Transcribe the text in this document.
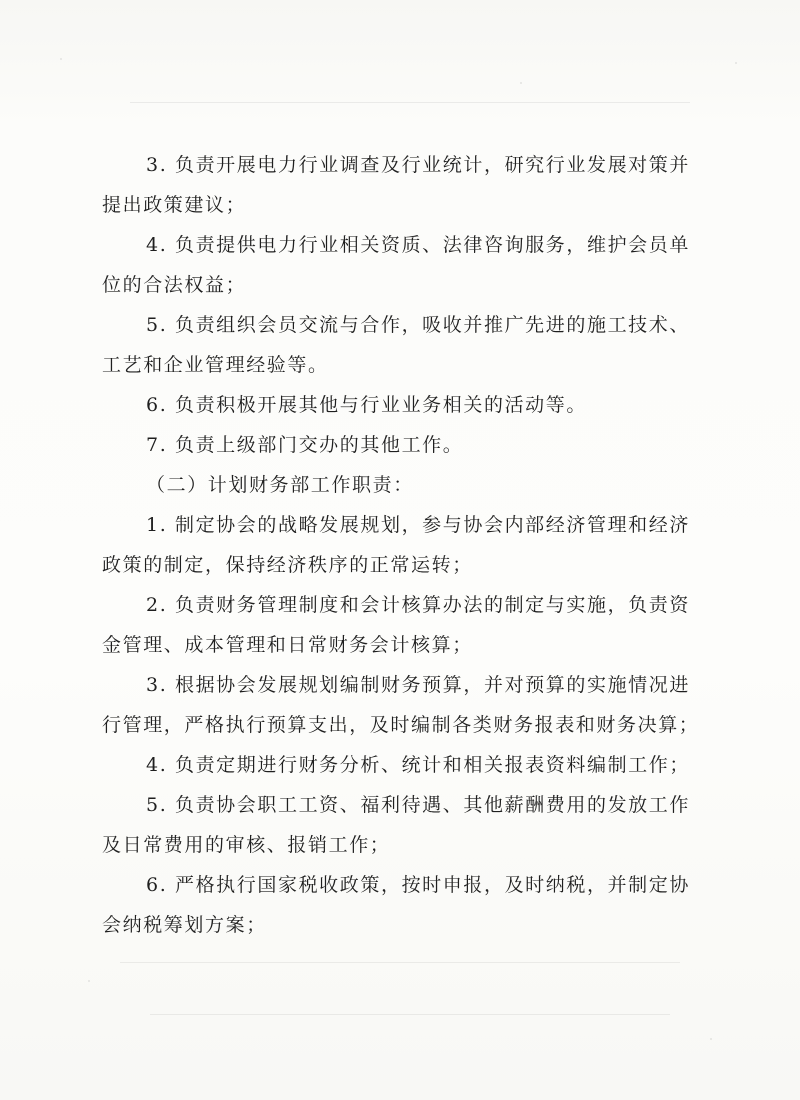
3. 负责开展电力行业调查及行业统计，研究行业发展对策并提出政策建议；

4. 负责提供电力行业相关资质、法律咨询服务，维护会员单位的合法权益；

5. 负责组织会员交流与合作，吸收并推广先进的施工技术、工艺和企业管理经验等。

6. 负责积极开展其他与行业业务相关的活动等。

7. 负责上级部门交办的其他工作。

（二）计划财务部工作职责：

1. 制定协会的战略发展规划，参与协会内部经济管理和经济政策的制定，保持经济秩序的正常运转；

2. 负责财务管理制度和会计核算办法的制定与实施，负责资金管理、成本管理和日常财务会计核算；

3. 根据协会发展规划编制财务预算，并对预算的实施情况进行管理，严格执行预算支出，及时编制各类财务报表和财务决算；

4. 负责定期进行财务分析、统计和相关报表资料编制工作；

5. 负责协会职工工资、福利待遇、其他薪酬费用的发放工作及日常费用的审核、报销工作；

6. 严格执行国家税收政策，按时申报，及时纳税，并制定协会纳税筹划方案；
